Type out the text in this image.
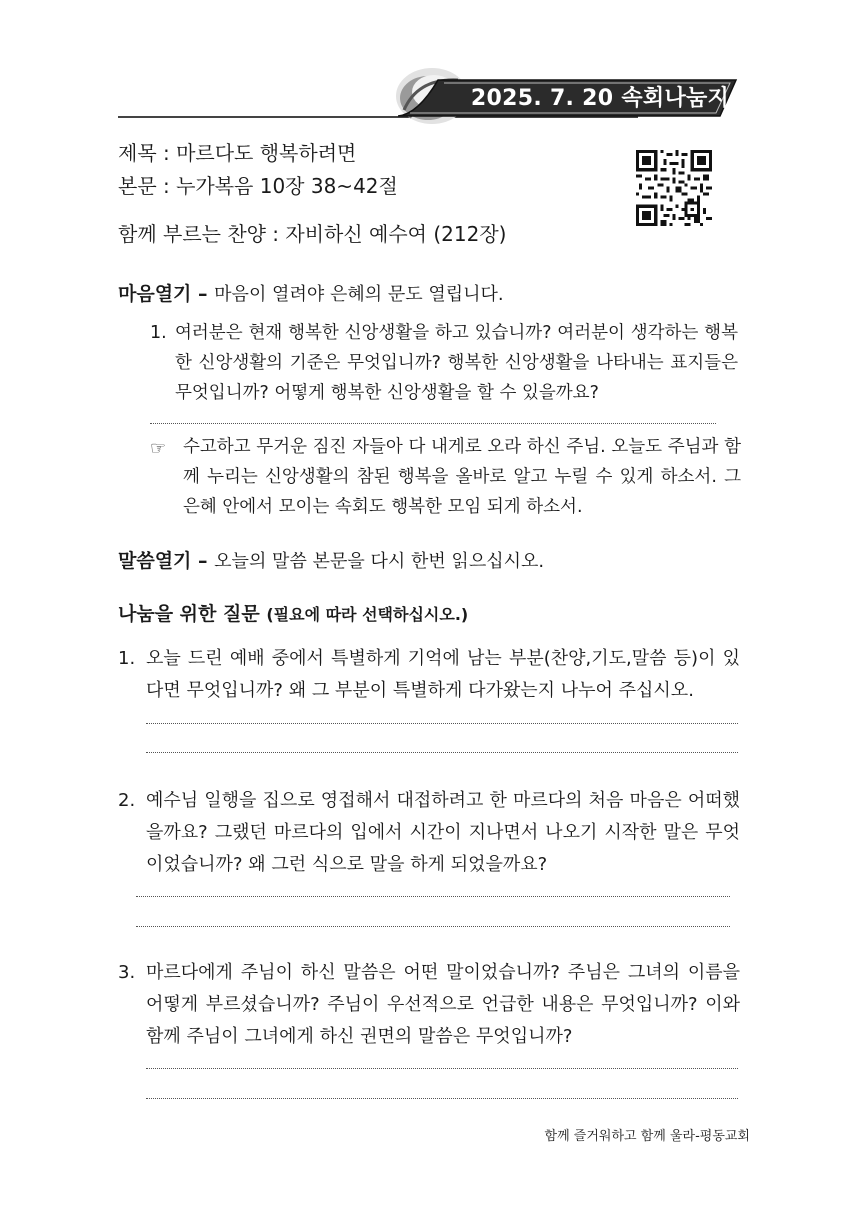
2025. 7. 20 속회나눔지
제목 : 마르다도 행복하려면
본문 : 누가복음 10장 38~42절
함께 부르는 찬양 : 자비하신 예수여 (212장)
마음열기 – 마음이 열려야 은혜의 문도 열립니다.
1. 여러분은 현재 행복한 신앙생활을 하고 있습니까? 여러분이 생각하는 행복한 신앙생활의 기준은 무엇입니까? 행복한 신앙생활을 나타내는 표지들은 무엇입니까? 어떻게 행복한 신앙생활을 할 수 있을까요?
☞ 수고하고 무거운 짐진 자들아 다 내게로 오라 하신 주님. 오늘도 주님과 함께 누리는 신앙생활의 참된 행복을 올바로 알고 누릴 수 있게 하소서. 그 은혜 안에서 모이는 속회도 행복한 모임 되게 하소서.
말씀열기 – 오늘의 말씀 본문을 다시 한번 읽으십시오.
나눔을 위한 질문 (필요에 따라 선택하십시오.)
1. 오늘 드린 예배 중에서 특별하게 기억에 남는 부분(찬양,기도,말씀 등)이 있다면 무엇입니까? 왜 그 부분이 특별하게 다가왔는지 나누어 주십시오.
2. 예수님 일행을 집으로 영접해서 대접하려고 한 마르다의 처음 마음은 어떠했을까요? 그랬던 마르다의 입에서 시간이 지나면서 나오기 시작한 말은 무엇이었습니까? 왜 그런 식으로 말을 하게 되었을까요?
3. 마르다에게 주님이 하신 말씀은 어떤 말이었습니까? 주님은 그녀의 이름을 어떻게 부르셨습니까? 주님이 우선적으로 언급한 내용은 무엇입니까? 이와 함께 주님이 그녀에게 하신 권면의 말씀은 무엇입니까?
함께 즐거워하고 함께 울라-평동교회
